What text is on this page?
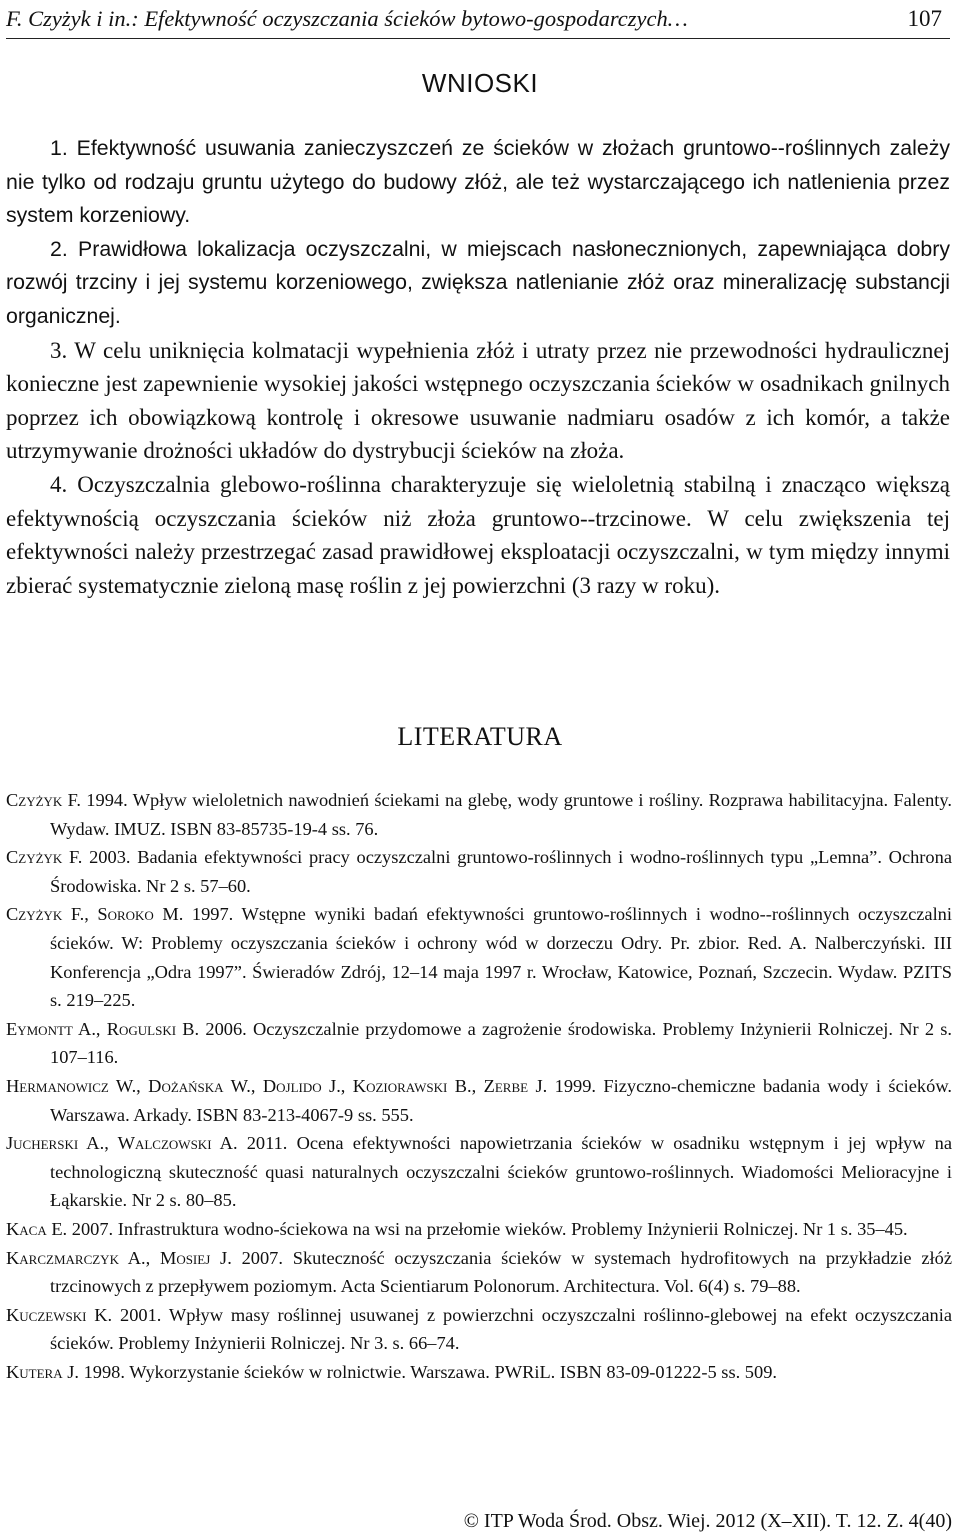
F. Czyżyk i in.: Efektywność oczyszczania ścieków bytowo-gospodarczych…	107
WNIOSKI
1. Efektywność usuwania zanieczyszczeń ze ścieków w złożach gruntowo--roślinnych zależy nie tylko od rodzaju gruntu użytego do budowy złóż, ale też wystarczającego ich natlenienia przez system korzeniowy.
2. Prawidłowa lokalizacja oczyszczalni, w miejscach nasłonecznionych, zapewniająca dobry rozwój trzciny i jej systemu korzeniowego, zwiększa natlenianie złóż oraz mineralizację substancji organicznej.
3. W celu uniknięcia kolmatacji wypełnienia złóż i utraty przez nie przewodności hydraulicznej konieczne jest zapewnienie wysokiej jakości wstępnego oczyszczania ścieków w osadnikach gnilnych poprzez ich obowiązkową kontrolę i okresowe usuwanie nadmiaru osadów z ich komór, a także utrzymywanie drożności układów do dystrybucji ścieków na złoża.
4. Oczyszczalnia glebowo-roślinna charakteryzuje się wieloletnią stabilną i znacząco większą efektywnością oczyszczania ścieków niż złoża gruntowo--trzcinowe. W celu zwiększenia tej efektywności należy przestrzegać zasad prawidłowej eksploatacji oczyszczalni, w tym między innymi zbierać systematycznie zieloną masę roślin z jej powierzchni (3 razy w roku).
LITERATURA
Czyżyk F. 1994. Wpływ wieloletnich nawodnień ściekami na glebę, wody gruntowe i rośliny. Rozprawa habilitacyjna. Falenty. Wydaw. IMUZ. ISBN 83-85735-19-4 ss. 76.
Czyżyk F. 2003. Badania efektywności pracy oczyszczalni gruntowo-roślinnych i wodno-roślinnych typu „Lemna”. Ochrona Środowiska. Nr 2 s. 57–60.
Czyżyk F., Soroko M. 1997. Wstępne wyniki badań efektywności gruntowo-roślinnych i wodno--roślinnych oczyszczalni ścieków. W: Problemy oczyszczania ścieków i ochrony wód w dorzeczu Odry. Pr. zbior. Red. A. Nalberczyński. III Konferencja „Odra 1997”. Świeradów Zdrój, 12–14 maja 1997 r. Wrocław, Katowice, Poznań, Szczecin. Wydaw. PZITS s. 219–225.
Eymontt A., Rogulski B. 2006. Oczyszczalnie przydomowe a zagrożenie środowiska. Problemy Inżynierii Rolniczej. Nr 2 s. 107–116.
Hermanowicz W., Dożańska W., Dojlido J., Koziorawski B., Zerbe J. 1999. Fizyczno-chemiczne badania wody i ścieków. Warszawa. Arkady. ISBN 83-213-4067-9 ss. 555.
Jucherski A., Walczowski A. 2011. Ocena efektywności napowietrzania ścieków w osadniku wstępnym i jej wpływ na technologiczną skuteczność quasi naturalnych oczyszczalni ścieków gruntowo-roślinnych. Wiadomości Melioracyjne i Łąkarskie. Nr 2 s. 80–85.
Kaca E. 2007. Infrastruktura wodno-ściekowa na wsi na przełomie wieków. Problemy Inżynierii Rolniczej. Nr 1 s. 35–45.
Karczmarczyk A., Mosiej J. 2007. Skuteczność oczyszczania ścieków w systemach hydrofitowych na przykładzie złóż trzcinowych z przepływem poziomym. Acta Scientiarum Polonorum. Architectura. Vol. 6(4) s. 79–88.
Kuczewski K. 2001. Wpływ masy roślinnej usuwanej z powierzchni oczyszczalni roślinno-glebowej na efekt oczyszczania ścieków. Problemy Inżynierii Rolniczej. Nr 3. s. 66–74.
Kutera J. 1998. Wykorzystanie ścieków w rolnictwie. Warszawa. PWRiL. ISBN 83-09-01222-5 ss. 509.
© ITP Woda Środ. Obsz. Wiej. 2012 (X–XII). T. 12. Z. 4(40)
